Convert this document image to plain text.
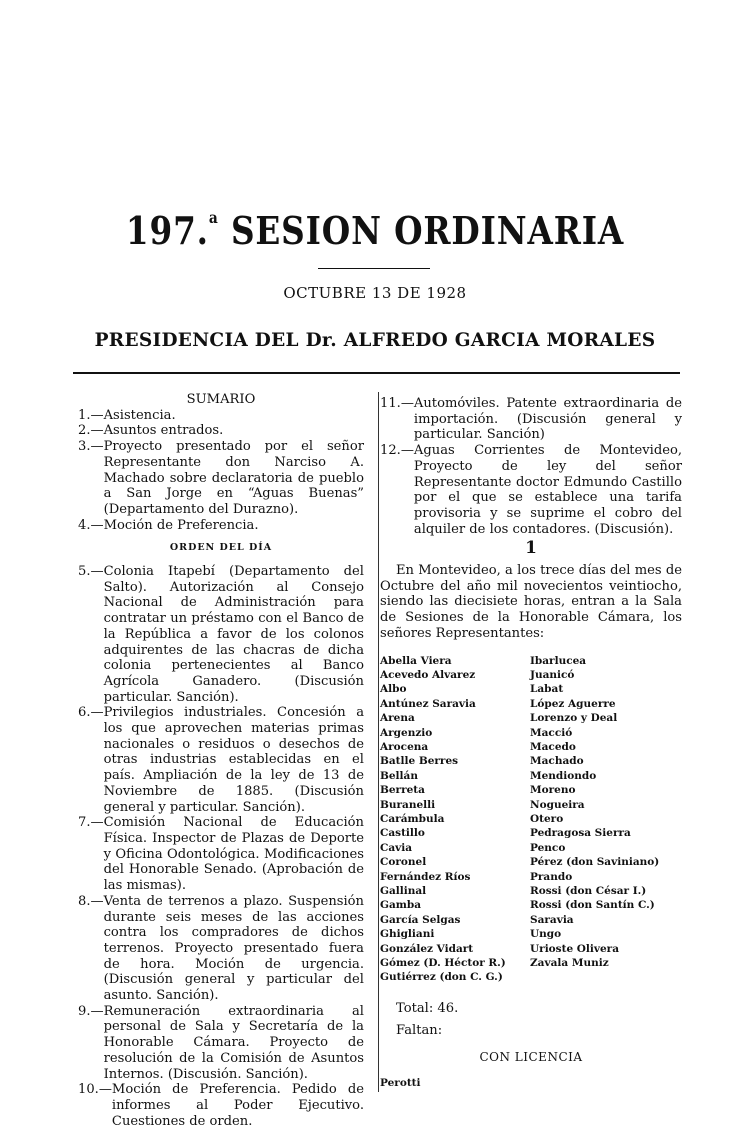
197.$^a$ SESION ORDINARIA
OCTUBRE 13 DE 1928
PRESIDENCIA DEL Dr. ALFREDO GARCIA MORALES

SUMARIO

1.— Asistencia.
2.— Asuntos entrados.
3.— Proyecto presentado por el señor Representante don Narciso A. Machado sobre declaratoria de pueblo a San Jorge en “Aguas Buenas” (Departamento del Durazno).
4.— Moción de Preferencia.

ORDEN DEL DÍA

5.— Colonia Itapebí (Departamento del Salto). Autorización al Consejo Nacional de Administración para contratar un préstamo con el Banco de la República a favor de los colonos adquirentes de las chacras de dicha colonia pertenecientes al Banco Agrícola Ganadero. (Discusión particular. Sanción).
6.— Privilegios industriales. Concesión a los que aprovechen materias primas nacionales o residuos o desechos de otras industrias establecidas en el país. Ampliación de la ley de 13 de Noviembre de 1885. (Discusión general y particular. Sanción).
7.— Comisión Nacional de Educación Física. Inspector de Plazas de Deporte y Oficina Odontológica. Modificaciones del Honorable Senado. (Aprobación de las mismas).
8.— Venta de terrenos a plazo. Suspensión durante seis meses de las acciones contra los compradores de dichos terrenos. Proyecto presentado fuera de hora. Moción de urgencia. (Discusión general y particular del asunto. Sanción).
9.— Remuneración extraordinaria al personal de Sala y Secretaría de la Honorable Cámara. Proyecto de resolución de la Comisión de Asuntos Internos. (Discusión. Sanción).
10.— Moción de Preferencia. Pedido de informes al Poder Ejecutivo. Cuestiones de orden.
11.— Automóviles. Patente extraordinaria de importación. (Discusión general y particular. Sanción)
12.— Aguas Corrientes de Montevideo, Proyecto de ley del señor Representante doctor Edmundo Castillo por el que se establece una tarifa provisoria y se suprime el cobro del alquiler de los contadores. (Discusión).
1

En Montevideo, a los trece días del mes de Octubre del año mil novecientos veintiocho, siendo las diecisiete horas, entran a la Sala de Sesiones de la Honorable Cámara, los señores Representantes:

Abella Viera
Acevedo Alvarez
Albo
Antúnez Saravia
Arena
Argenzio
Arocena
Batlle Berres
Bellán
Berreta
Buranelli
Carámbula
Castillo
Cavia
Coronel
Fernández Ríos
Gallinal
Gamba
García Selgas
Ghigliani
González Vidart
Gómez (D. Héctor R.)
Gutiérrez (don C. G.)
Ibarlucea
Juanicó
Labat
López Aguerre
Lorenzo y Deal
Macció
Macedo
Machado
Mendiondo
Moreno
Nogueira
Otero
Pedragosa Sierra
Penco
Pérez (don Saviniano)
Prando
Rossi (don César I.)
Rossi (don Santín C.)
Saravia
Ungo
Urioste Olivera
Zavala Muniz
Total: 46.
Faltan:
CON LICENCIA
Perotti
